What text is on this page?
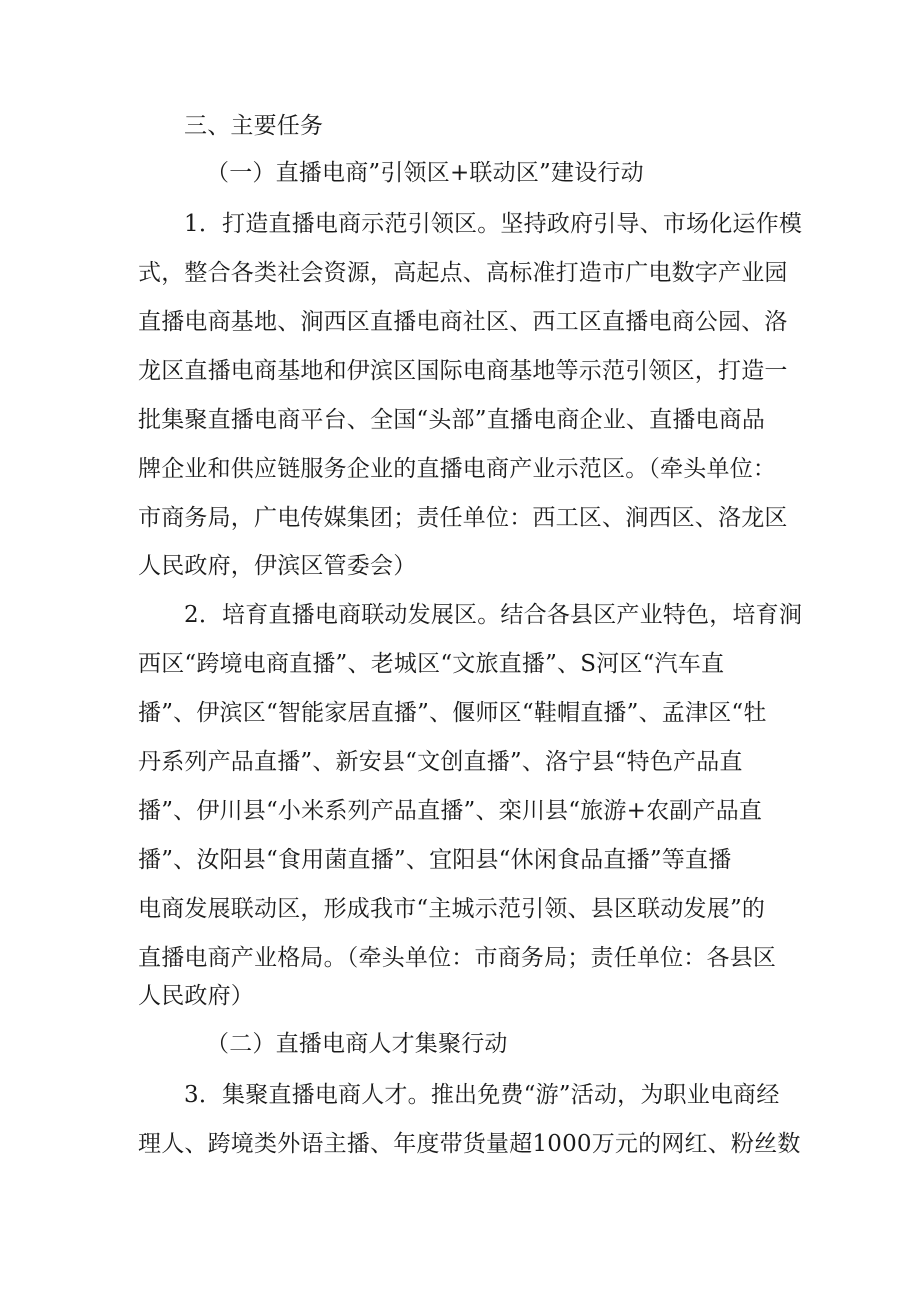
三、主要任务
（一）直播电商”引领区+联动区”建设行动
1．打造直播电商示范引领区。坚持政府引导、市场化运作模
式，整合各类社会资源，高起点、高标准打造市广电数字产业园
直播电商基地、涧西区直播电商社区、西工区直播电商公园、洛
龙区直播电商基地和伊滨区国际电商基地等示范引领区，打造一
批集聚直播电商平台、全国“头部”直播电商企业、直播电商品
牌企业和供应链服务企业的直播电商产业示范区。（牵头单位：
市商务局，广电传媒集团；责任单位：西工区、涧西区、洛龙区
人民政府，伊滨区管委会）
2．培育直播电商联动发展区。结合各县区产业特色，培育涧
西区“跨境电商直播”、老城区“文旅直播”、S河区“汽车直
播”、伊滨区“智能家居直播”、偃师区“鞋帽直播”、孟津区“牡
丹系列产品直播”、新安县“文创直播”、洛宁县“特色产品直
播”、伊川县“小米系列产品直播”、栾川县“旅游+农副产品直
播”、汝阳县“食用菌直播”、宜阳县“休闲食品直播”等直播
电商发展联动区，形成我市“主城示范引领、县区联动发展”的
直播电商产业格局。（牵头单位：市商务局；责任单位：各县区
人民政府）
（二）直播电商人才集聚行动
3．集聚直播电商人才。推出免费“游”活动，为职业电商经
理人、跨境类外语主播、年度带货量超1000万元的网红、粉丝数
